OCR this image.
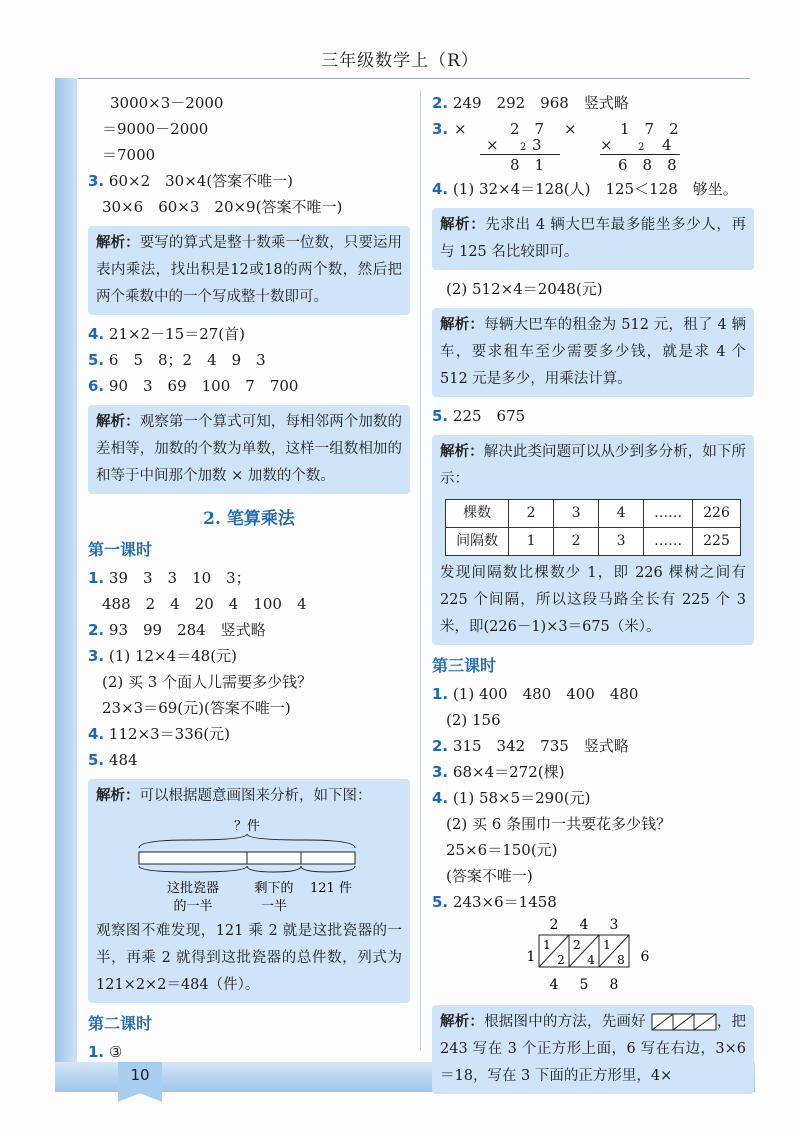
三年级数学上（R）
3000×3－2000
＝9000－2000
＝7000
3. 60×2　30×4(答案不唯一)
30×6　60×3　20×9(答案不唯一)
解析：要写的算式是整十数乘一位数，只要运用表内乘法，找出积是12或18的两个数，然后把两个乘数中的一个写成整十数即可。
4. 21×2－15＝27(首)
5. 6　5　8；2　4　9　3
6. 90　3　69　100　7　700
解析：观察第一个算式可知，每相邻两个加数的差相等，加数的个数为单数，这样一组数相加的和等于中间那个加数 × 加数的个数。
2. 笔算乘法
第一课时
1. 39　3　3　10　3；
488　2　4　20　4　100　4
2. 93　99　284　竖式略
3. (1) 12×4＝48(元)
(2) 买 3 个面人儿需要多少钱？
23×3＝69(元)(答案不唯一)
4. 112×3＝336(元)
5. 484
解析：可以根据题意画图来分析，如下图：
？件
这批瓷器
的一半
剩下的
一半
121 件
观察图不难发现，121 乘 2 就是这批瓷器的一半，再乘 2 就得到这批瓷器的总件数，列式为 121×2×2＝484（件）。
第二课时
1. ③
2. 249　292　968　竖式略
3. ×	2　7
× 2 3
8　1
×	1　7　2
×	2 4
6　8　8
4. (1) 32×4＝128(人)　125＜128　够坐。
解析：先求出 4 辆大巴车最多能坐多少人，再与 125 名比较即可。
(2) 512×4＝2048(元)
解析：每辆大巴车的租金为 512 元，租了 4 辆车，要求租车至少需要多少钱，就是求 4 个 512 元是多少，用乘法计算。
5. 225　675
解析：解决此类问题可以从少到多分析，如下所示：
棵数	2	3	4	……	226
间隔数	1	2	3	……	225
发现间隔数比棵数少 1，即 226 棵树之间有 225 个间隔，所以这段马路全长有 225 个 3 米，即(226－1)×3＝675（米）。
第三课时
1. (1) 400　480　400　480
(2) 156
2. 315　342　735　竖式略
3. 68×4＝272(棵)
4. (1) 58×5＝290(元)
(2) 买 6 条围巾一共要花多少钱？
25×6＝150(元)
(答案不唯一)
5. 243×6＝1458
2 4 3
1	6
1
2
2
4
1
8
4 5 8
解析：根据图中的方法，先画好	，把 243 写在 3 个正方形上面，6 写在右边，3×6＝18，写在 3 下面的正方形里，4×
10
